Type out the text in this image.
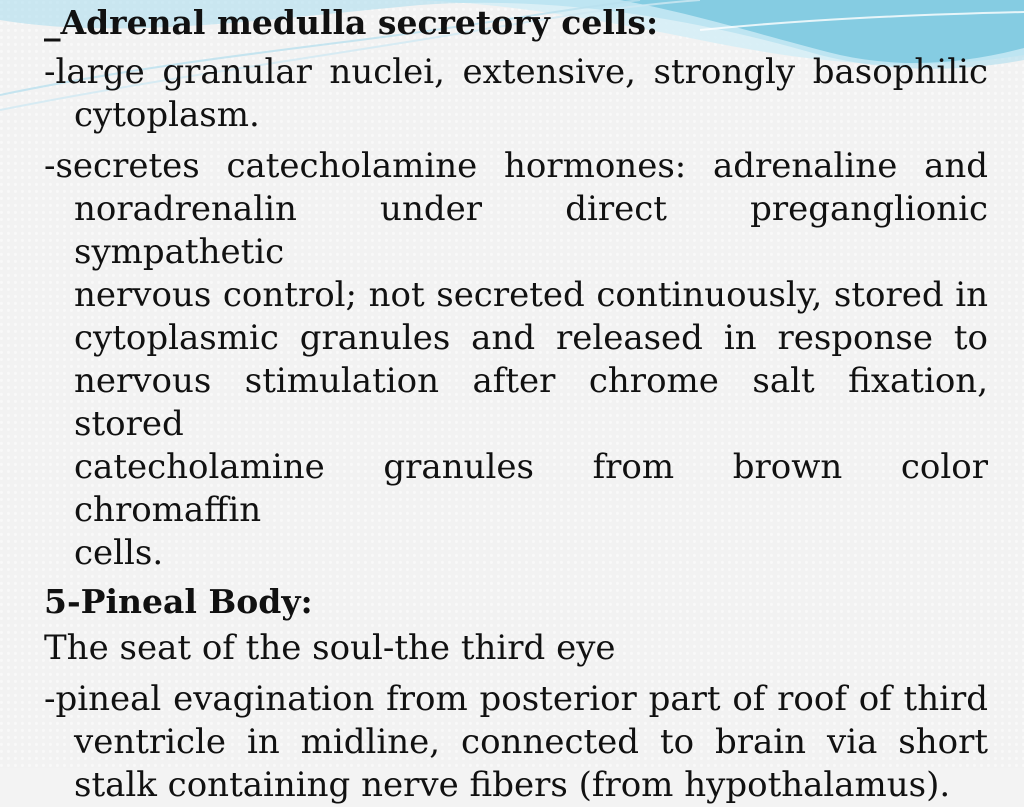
_Adrenal medulla secretory cells:
-large granular nuclei, extensive, strongly basophilic
cytoplasm.
-secretes catecholamine hormones: adrenaline and
noradrenalin under direct preganglionic sympathetic
nervous control; not secreted continuously, stored in
cytoplasmic granules and released in response to
nervous stimulation after chrome salt fixation, stored
catecholamine granules from brown color chromaffin
cells.
5-Pineal Body:
The seat of the soul-the third eye
-pineal evagination from posterior part of roof of third
ventricle in midline, connected to brain via short
stalk containing nerve fibers (from hypothalamus).
